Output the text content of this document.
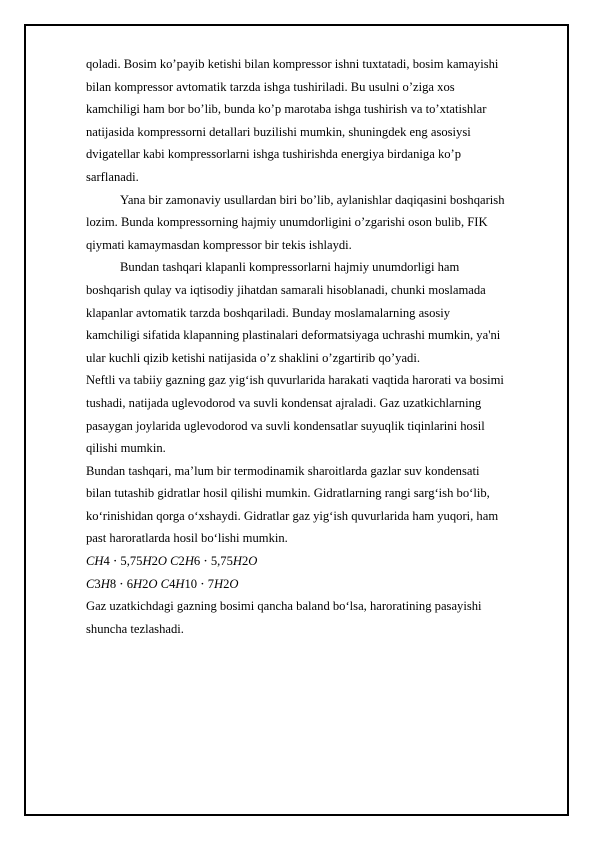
qoladi. Bosim ko’payib ketishi bilan kompressor ishni tuxtatadi, bosim kamayishi
bilan kompressor avtomatik tarzda ishga tushiriladi. Bu usulni o’ziga xos
kamchiligi ham bor bo’lib, bunda ko’p marotaba ishga tushirish va to’xtatishlar
natijasida kompressorni detallari buzilishi mumkin, shuningdek eng asosiysi
dvigatellar kabi kompressorlarni ishga tushirishda energiya birdaniga ko’p
sarflanadi.

Yana bir zamonaviy usullardan biri bo’lib, aylanishlar daqiqasini boshqarish
lozim. Bunda kompressorning hajmiy unumdorligini o’zgarishi oson bulib, FIK
qiymati kamaymasdan kompressor bir tekis ishlaydi.

Bundan tashqari klapanli kompressorlarni hajmiy unumdorligi ham
boshqarish qulay va iqtisodiy jihatdan samarali hisoblanadi, chunki moslamada
klapanlar avtomatik tarzda boshqariladi. Bunday moslamalarning asosiy
kamchiligi sifatida klapanning plastinalari deformatsiyaga uchrashi mumkin, ya'ni
ular kuchli qizib ketishi natijasida o’z shaklini o’zgartirib qo’yadi.

Neftli va tabiiy gazning gaz yig‘ish quvurlarida harakati vaqtida harorati va bosimi
tushadi, natijada uglevodorod va suvli kondensat ajraladi. Gaz uzatkichlarning
pasaygan joylarida uglevodorod va suvli kondensatlar suyuqlik tiqinlarini hosil
qilishi mumkin.

Bundan tashqari, ma’lum bir termodinamik sharoitlarda gazlar suv kondensati
bilan tutashib gidratlar hosil qilishi mumkin. Gidratlarning rangi sarg‘ish bo‘lib,
ko‘rinishidan qorga o‘xshaydi. Gidratlar gaz yig‘ish quvurlarida ham yuqori, ham
past haroratlarda hosil bo‘lishi mumkin.

CH4 ⋅ 5,75H2O C2H6 ⋅ 5,75H2O

C3H8 ⋅ 6H2O C4H10 ⋅ 7H2O

Gaz uzatkichdagi gazning bosimi qancha baland bo‘lsa, haroratining pasayishi
shuncha tezlashadi.
